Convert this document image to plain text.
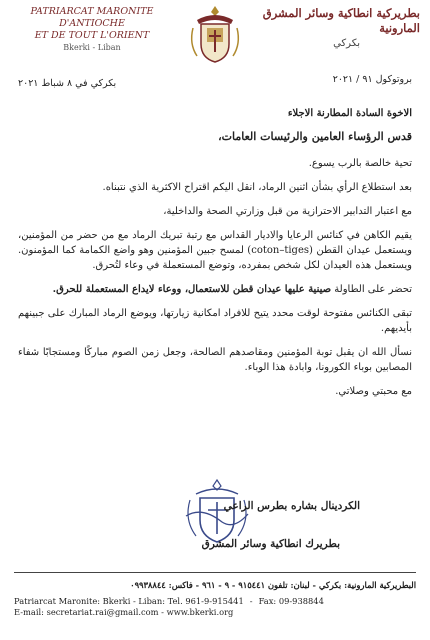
PATRIARCAT MARONITE D'ANTIOCHE
ET DE TOUT L'ORIENT
Bkerki - Liban
بطريركية انطاكية وسائر المشرق المارونية
بكركي
بكركي في ٨ شباط ٢٠٢١	بروتوكول ٩١ / ٢٠٢١

الاخوة السادة المطارنة الاجلاء

قدس الرؤساء العامين والرئيسات العامات،

تحية خالصة بالرب يسوع.

بعد استطلاع الرأي بشأن اثنين الرماد، انقل اليكم اقتراح الاكثرية الذي نتبناه.

مع اعتبار التدابير الاحترازية من قبل وزارتي الصحة والداخلية،

يقيم الكاهن في كنائس الرعايا والاديار القداس مع رتبة تبريك الرماد مع من حضر من المؤمنين، ويستعمل عيدان القطن (coton–tiges) لمسح جبين المؤمنين وهو واضع الكمامة كما المؤمنون. ويستعمل هذه العيدان لكل شخص بمفرده، وتوضع المستعملة في وعاء لتُحرق.

تحضر على الطاولة صينية عليها عيدان قطن للاستعمال، ووعاء لايداع المستعملة للحرق.

تبقى الكنائس مفتوحة لوقت محدد يتيح للافراد امكانية زيارتها، ويوضع الرماد المبارك على جبينهم بأيديهم.

نسأل الله ان يقبل توبة المؤمنين ومقاصدهم الصالحة، وجعل زمن الصوم مباركًا ومستجابًا شفاء المصابين بوباء الكورونا، وابادة هذا الوباء.

مع محبتي وصلاتي.

الكردينال بشاره بطرس الراعي
بطريرك انطاكية وسائر المشرق
البطريركية المارونية: بكركي - لبنان: تلفون ٩١٥٤٤١ - ٩ - ٩٦١ - فاكس: ٠٩٩٣٨٨٤٤
Patriarcat Maronite: Bkerki - Liban: Tel. 961-9-915441 - Fax: 09-938844
E-mail: secretariat.rai@gmail.com - www.bkerki.org
